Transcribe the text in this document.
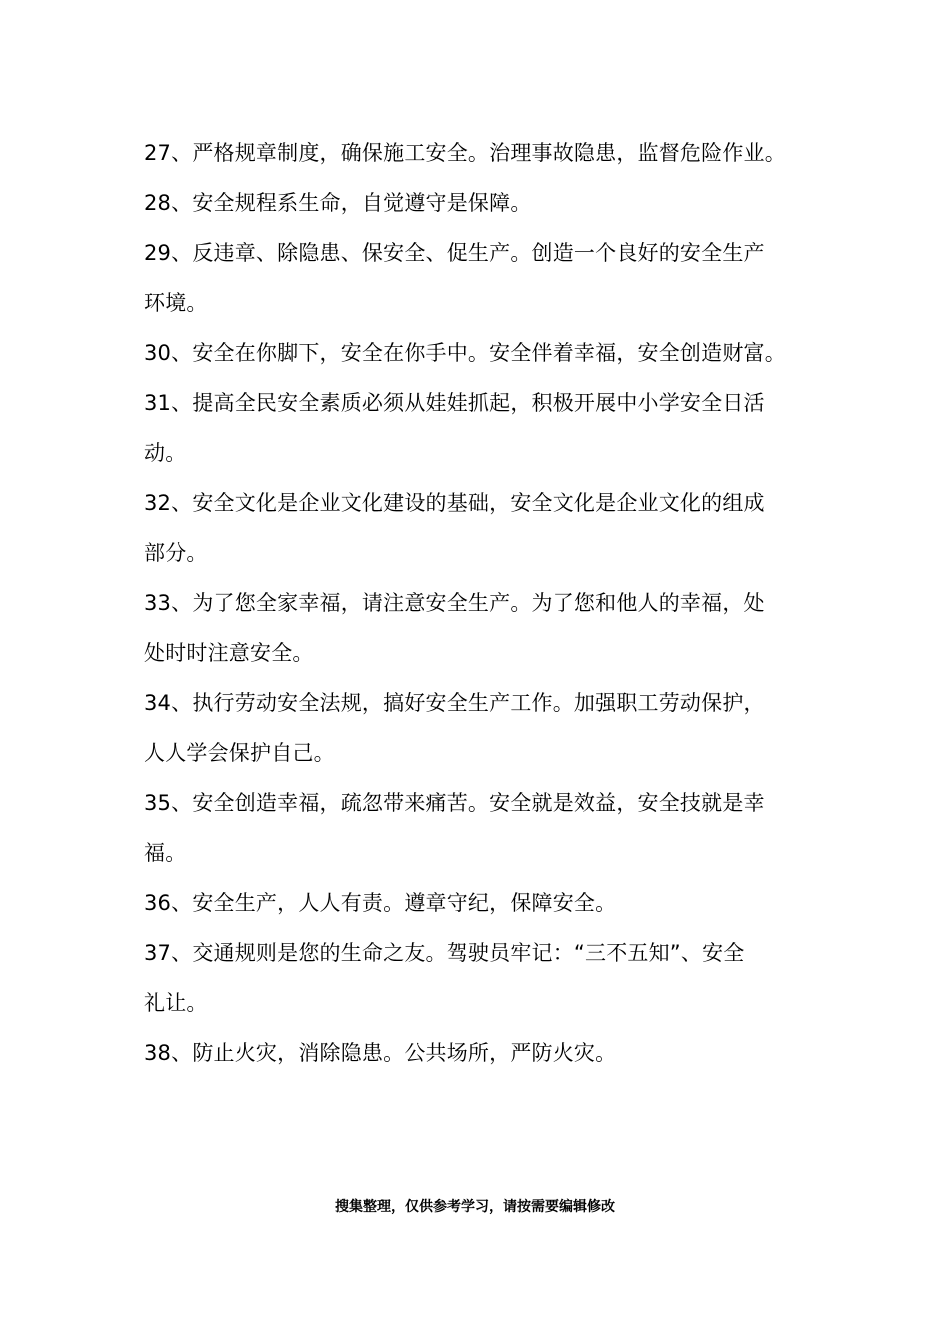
27、严格规章制度，确保施工安全。治理事故隐患，监督危险作业。
28、安全规程系生命，自觉遵守是保障。
29、反违章、除隐患、保安全、促生产。创造一个良好的安全生产
环境。
30、安全在你脚下，安全在你手中。安全伴着幸福，安全创造财富。
31、提高全民安全素质必须从娃娃抓起，积极开展中小学安全日活
动。
32、安全文化是企业文化建设的基础，安全文化是企业文化的组成
部分。
33、为了您全家幸福，请注意安全生产。为了您和他人的幸福，处
处时时注意安全。
34、执行劳动安全法规，搞好安全生产工作。加强职工劳动保护，
人人学会保护自己。
35、安全创造幸福，疏忽带来痛苦。安全就是效益，安全技就是幸
福。
36、安全生产，人人有责。遵章守纪，保障安全。
37、交通规则是您的生命之友。驾驶员牢记：“三不五知”、安全
礼让。
38、防止火灾，消除隐患。公共场所，严防火灾。
搜集整理，仅供参考学习，请按需要编辑修改
